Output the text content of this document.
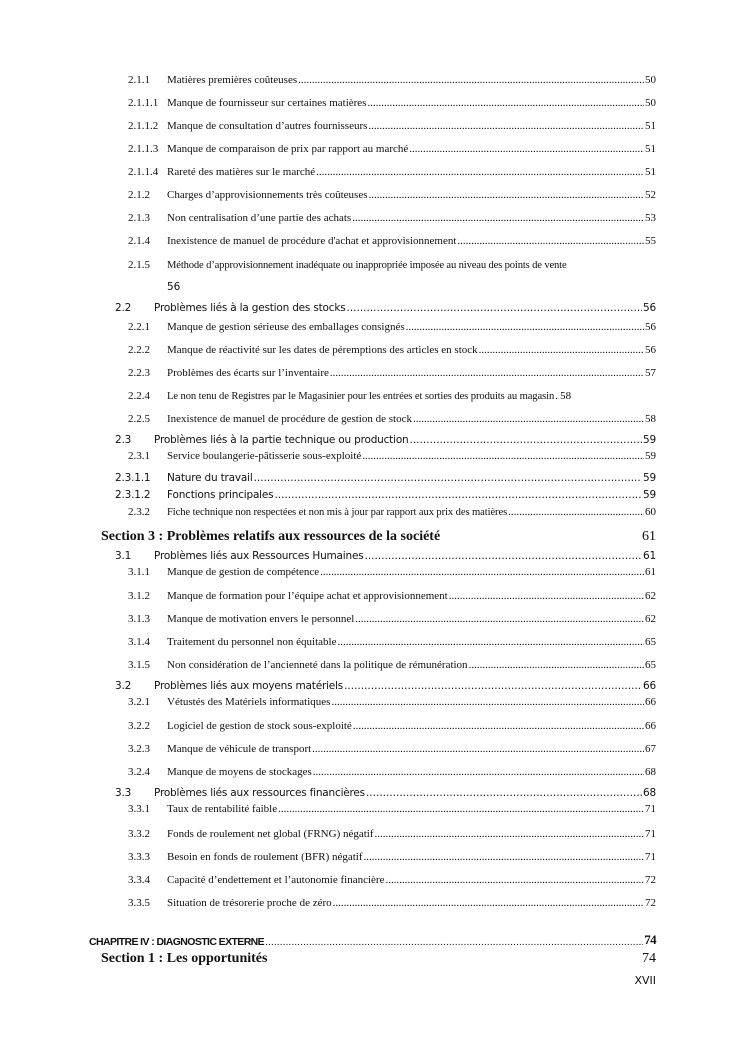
2.1.1	Matières premières coûteuses .....	50
2.1.1.1 Manque de fournisseur sur certaines matières .....	50
2.1.1.2 Manque de consultation d’autres fournisseurs .....	51
2.1.1.3 Manque de comparaison de prix par rapport au marché .....	51
2.1.1.4 Rareté des matières sur le marché .....	51
2.1.2	Charges d’approvisionnements très coûteuses .....	52
2.1.3	Non centralisation d’une partie des achats .....	53
2.1.4	Inexistence de manuel de procédure d'achat et approvisionnement .....	55
2.1.5	Méthode d’approvisionnement inadéquate ou inappropriée imposée au niveau des points de vente
56
2.2	Problèmes liés à la gestion des stocks .....	56
2.2.1	Manque de gestion sérieuse des emballages consignés .....	56
2.2.2	Manque de réactivité sur les dates de péremptions des articles en stock .....	56
2.2.3	Problèmes des écarts sur l’inventaire .....	57
2.2.4	Le non tenu de Registres par le Magasinier pour les entrées et sorties des produits au magasin ..... 58
2.2.5	Inexistence de manuel de procédure de gestion de stock .....	58
2.3	Problèmes liés à la partie technique ou production .....	59
2.3.1	Service boulangerie-pâtisserie sous-exploité .....	59
2.3.1.1	Nature du travail .....	59
2.3.1.2	Fonctions principales .....	59
2.3.2	Fiche technique non respectées et non mis à jour par rapport aux prix des matières .....	60
Section 3 : Problèmes relatifs aux ressources de la société	61
3.1	Problèmes liés aux Ressources Humaines .....	61
3.1.1	Manque de gestion de compétence .....	61
3.1.2	Manque de formation pour l’équipe achat et approvisionnement .....	62
3.1.3	Manque de motivation envers le personnel .....	62
3.1.4	Traitement du personnel non équitable .....	65
3.1.5	Non considération de l’ancienneté dans la politique de rémunération .....	65
3.2	Problèmes liés aux moyens matériels .....	66
3.2.1	Vétustés des Matériels informatiques .....	66
3.2.2	Logiciel de gestion de stock sous-exploité .....	66
3.2.3	Manque de véhicule de transport .....	67
3.2.4	Manque de moyens de stockages .....	68
3.3	Problèmes liés aux ressources financières .....	68
3.3.1	Taux de rentabilité faible .....	71
3.3.2	Fonds de roulement net global (FRNG) négatif .....	71
3.3.3	Besoin en fonds de roulement (BFR) négatif .....	71
3.3.4	Capacité d’endettement et l’autonomie financière .....	72
3.3.5	Situation de trésorerie proche de zéro .....	72
CHAPITRE IV : DIAGNOSTIC EXTERNE .....	74
Section 1 : Les opportunités	74
XVII
